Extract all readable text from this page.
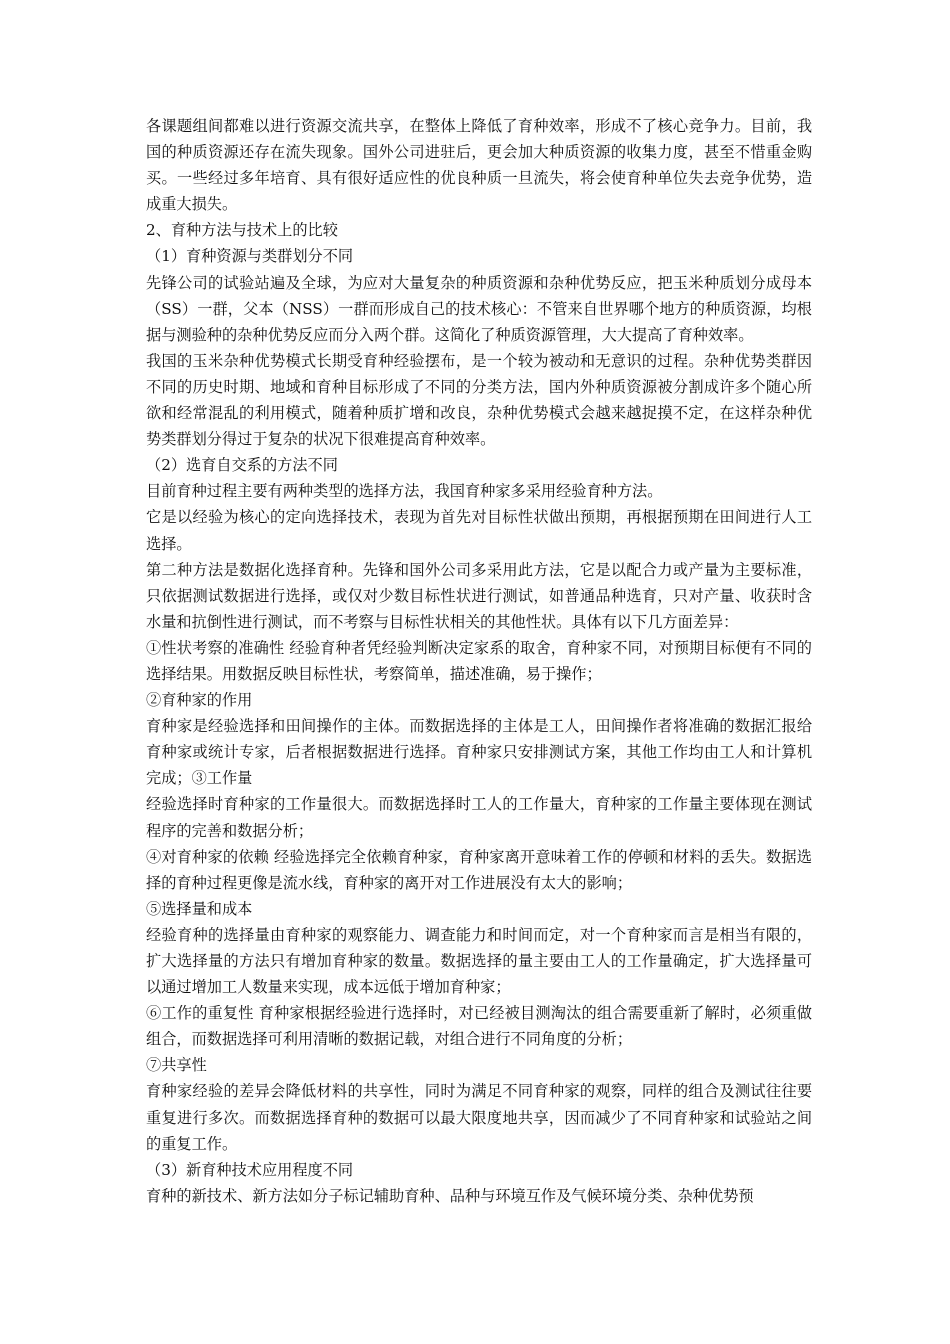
各课题组间都难以进行资源交流共享，在整体上降低了育种效率，形成不了核心竞争力。目前，我国的种质资源还存在流失现象。国外公司进驻后，更会加大种质资源的收集力度，甚至不惜重金购买。一些经过多年培育、具有很好适应性的优良种质一旦流失，将会使育种单位失去竞争优势，造成重大损失。

2、育种方法与技术上的比较

（1）育种资源与类群划分不同

先锋公司的试验站遍及全球，为应对大量复杂的种质资源和杂种优势反应，把玉米种质划分成母本（SS）一群，父本（NSS）一群而形成自己的技术核心：不管来自世界哪个地方的种质资源，均根据与测验种的杂种优势反应而分入两个群。这简化了种质资源管理，大大提高了育种效率。

我国的玉米杂种优势模式长期受育种经验摆布，是一个较为被动和无意识的过程。杂种优势类群因不同的历史时期、地域和育种目标形成了不同的分类方法，国内外种质资源被分割成许多个随心所欲和经常混乱的利用模式，随着种质扩增和改良，杂种优势模式会越来越捉摸不定，在这样杂种优势类群划分得过于复杂的状况下很难提高育种效率。

（2）选育自交系的方法不同

目前育种过程主要有两种类型的选择方法，我国育种家多采用经验育种方法。

它是以经验为核心的定向选择技术，表现为首先对目标性状做出预期，再根据预期在田间进行人工选择。

第二种方法是数据化选择育种。先锋和国外公司多采用此方法，它是以配合力或产量为主要标准，只依据测试数据进行选择，或仅对少数目标性状进行测试，如普通品种选育，只对产量、收获时含水量和抗倒性进行测试，而不考察与目标性状相关的其他性状。具体有以下几方面差异：

①性状考察的准确性 经验育种者凭经验判断决定家系的取舍，育种家不同，对预期目标便有不同的选择结果。用数据反映目标性状，考察简单，描述准确，易于操作；

②育种家的作用

育种家是经验选择和田间操作的主体。而数据选择的主体是工人，田间操作者将准确的数据汇报给育种家或统计专家，后者根据数据进行选择。育种家只安排测试方案，其他工作均由工人和计算机完成；③工作量

经验选择时育种家的工作量很大。而数据选择时工人的工作量大，育种家的工作量主要体现在测试程序的完善和数据分析；

④对育种家的依赖 经验选择完全依赖育种家，育种家离开意味着工作的停顿和材料的丢失。数据选择的育种过程更像是流水线，育种家的离开对工作进展没有太大的影响；

⑤选择量和成本

经验育种的选择量由育种家的观察能力、调查能力和时间而定，对一个育种家而言是相当有限的，扩大选择量的方法只有增加育种家的数量。数据选择的量主要由工人的工作量确定，扩大选择量可以通过增加工人数量来实现，成本远低于增加育种家；

⑥工作的重复性 育种家根据经验进行选择时，对已经被目测淘汰的组合需要重新了解时，必须重做组合，而数据选择可利用清晰的数据记载，对组合进行不同角度的分析；

⑦共享性

育种家经验的差异会降低材料的共享性，同时为满足不同育种家的观察，同样的组合及测试往往要重复进行多次。而数据选择育种的数据可以最大限度地共享，因而减少了不同育种家和试验站之间的重复工作。

（3）新育种技术应用程度不同

育种的新技术、新方法如分子标记辅助育种、品种与环境互作及气候环境分类、杂种优势预
